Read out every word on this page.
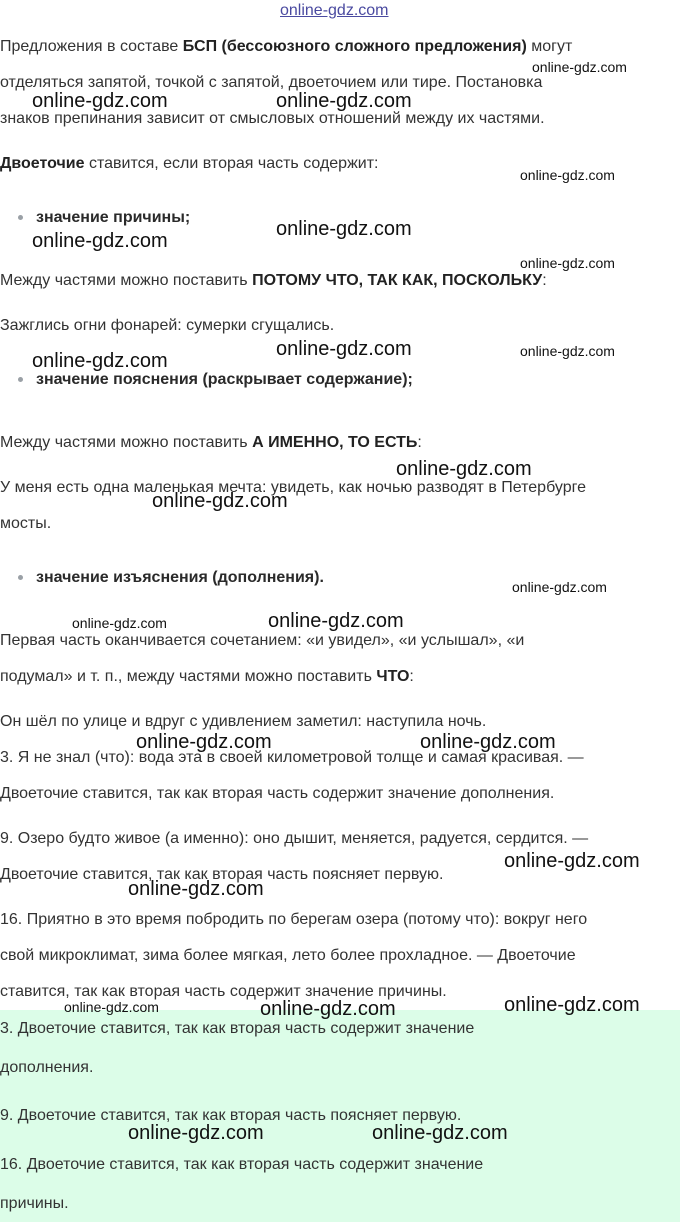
online-gdz.com

Предложения в составе БСП (бессоюзного сложного предложения) могут

отделяться запятой, точкой с запятой, двоеточием или тире. Постановка

знаков препинания зависит от смысловых отношений между их частями.

Двоеточие ставится, если вторая часть содержит:

значение причины;

Между частями можно поставить ПОТОМУ ЧТО, ТАК КАК, ПОСКОЛЬКУ:

Зажглись огни фонарей: сумерки сгущались.

значение пояснения (раскрывает содержание);

Между частями можно поставить А ИМЕННО, ТО ЕСТЬ:

У меня есть одна маленькая мечта: увидеть, как ночью разводят в Петербурге

мосты.

значение изъяснения (дополнения).

Первая часть оканчивается сочетанием: «и увидел», «и услышал», «и

подумал» и т. п., между частями можно поставить ЧТО:

Он шёл по улице и вдруг с удивлением заметил: наступила ночь.

3. Я не знал (что): вода эта в своей километровой толще и самая красивая. —

Двоеточие ставится, так как вторая часть содержит значение дополнения.

9. Озеро будто живое (а именно): оно дышит, меняется, радуется, сердится. —

Двоеточие ставится, так как вторая часть поясняет первую.

16. Приятно в это время побродить по берегам озера (потому что): вокруг него

свой микроклимат, зима более мягкая, лето более прохладное. — Двоеточие

ставится, так как вторая часть содержит значение причины.

3. Двоеточие ставится, так как вторая часть содержит значение

дополнения.

9. Двоеточие ставится, так как вторая часть поясняет первую.

16. Двоеточие ставится, так как вторая часть содержит значение

причины.

online-gdz.com
online-gdz.com	online-gdz.com
online-gdz.com
online-gdz.com
online-gdz.com
online-gdz.com
online-gdz.com	online-gdz.com
online-gdz.com
online-gdz.com
online-gdz.com
online-gdz.com
online-gdz.com	online-gdz.com
online-gdz.com	online-gdz.com
online-gdz.com
online-gdz.com
online-gdz.com	online-gdz.com	online-gdz.com
online-gdz.com	online-gdz.com
